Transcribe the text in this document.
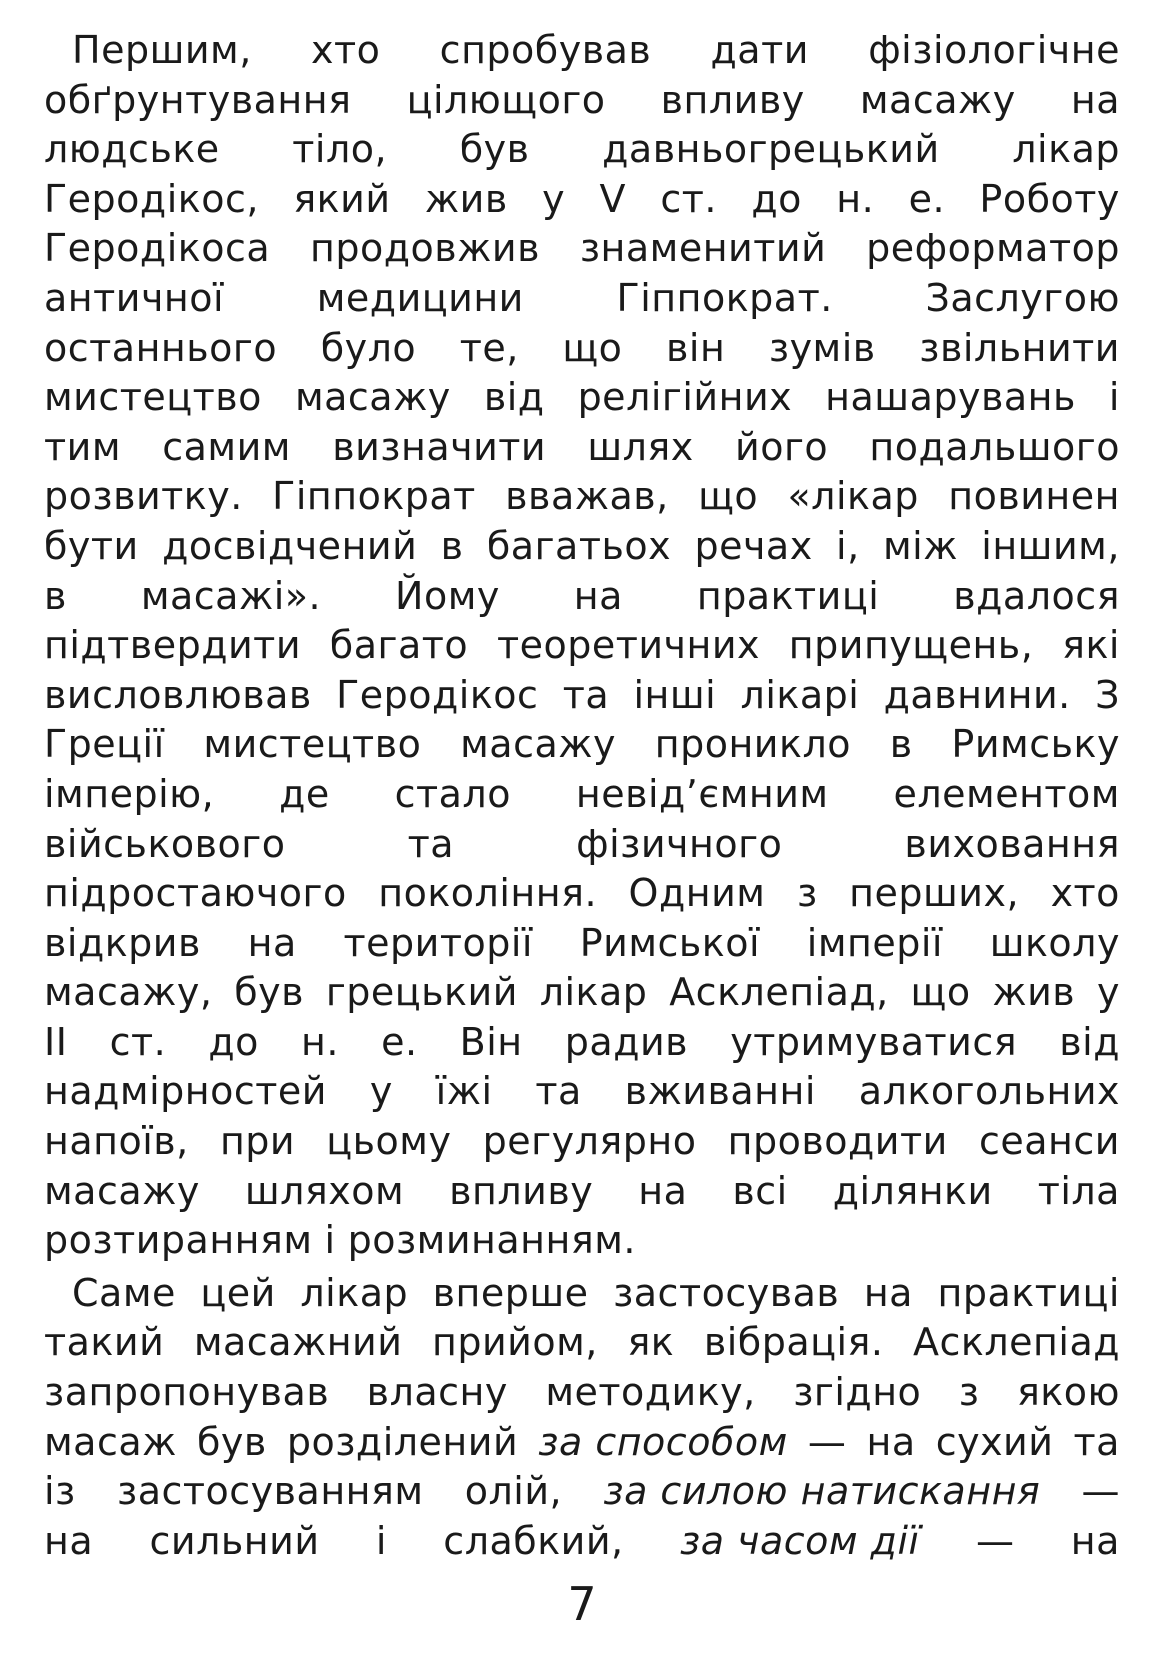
Першим, хто спробував дати фізіологічне
обґрунтування цілющого впливу масажу на
людське тіло, був давньогрецький лікар
Геродікос, який жив у V ст. до н. е. Роботу
Геродікоса продовжив знаменитий реформатор
античної медицини Гіппократ. Заслугою
останнього було те, що він зумів звільнити
мистецтво масажу від релігійних нашарувань і
тим самим визначити шлях його подальшого
розвитку. Гіппократ вважав, що «лікар повинен
бути досвідчений в багатьох речах і, між іншим,
в масажі». Йому на практиці вдалося
підтвердити багато теоретичних припущень, які
висловлював Геродікос та інші лікарі давнини. З
Греції мистецтво масажу проникло в Римську
імперію, де стало невід’ємним елементом
військового	та	фізичного	виховання
підростаючого покоління. Одним з перших, хто
відкрив на території Римської імперії школу
масажу, був грецький лікар Асклепіад, що жив у
II ст. до н. е. Він радив утримуватися від
надмірностей у їжі та вживанні алкогольних
напоїв, при цьому регулярно проводити сеанси
масажу шляхом впливу на всі ділянки тіла
розтиранням і розминанням.
Саме цей лікар вперше застосував на практиці
такий масажний прийом, як вібрація. Асклепіад
запропонував власну методику, згідно з якою
масаж був розділений за способом — на сухий та
із застосуванням олій, за силою натискання —
на сильний і слабкий, за часом дії — на
7
